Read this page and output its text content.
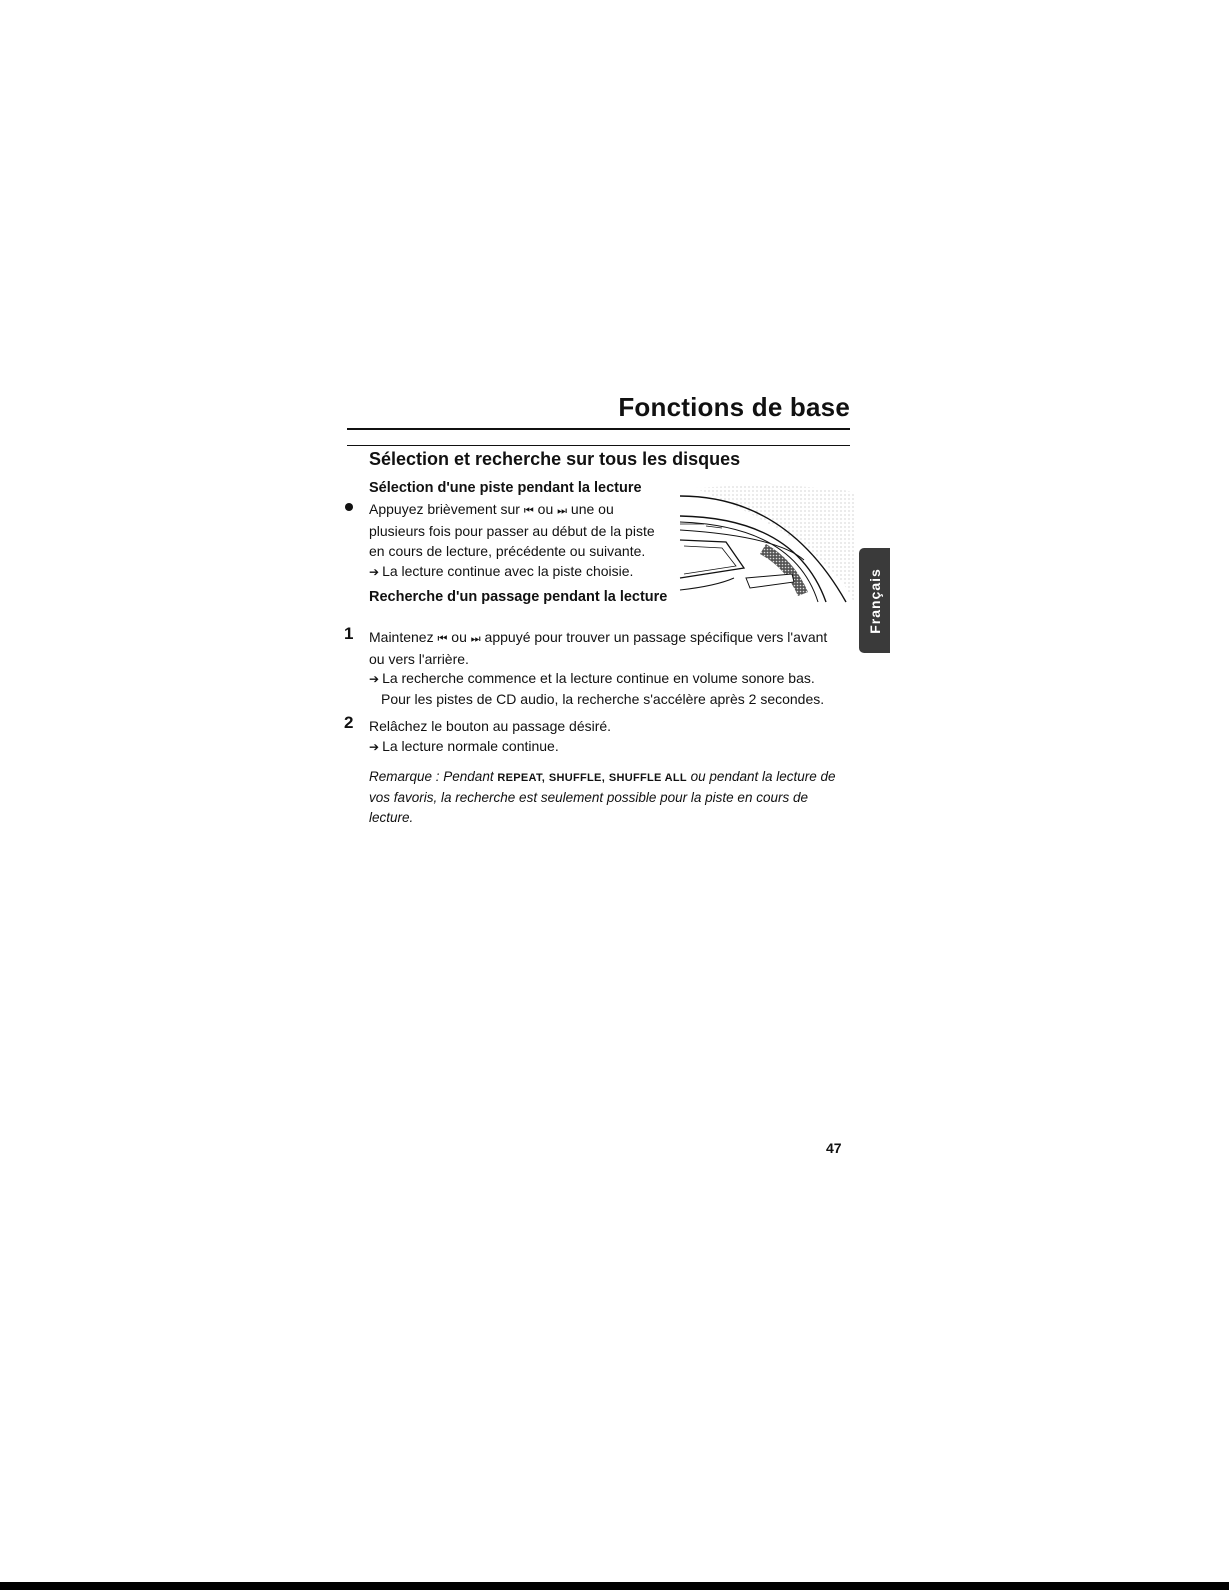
Fonctions de base
Sélection et recherche sur tous les disques
Sélection d'une piste pendant la lecture
Appuyez brièvement sur ⏮ ou ⏭ une ou
plusieurs fois pour passer au début de la piste
en cours de lecture, précédente ou suivante.
➔ La lecture continue avec la piste choisie.
Recherche d'un passage pendant la lecture
1 Maintenez ⏮ ou ⏭ appuyé pour trouver un passage spécifique vers l'avant
ou vers l'arrière.
➔ La recherche commence et la lecture continue en volume sonore bas.
Pour les pistes de CD audio, la recherche s'accélère après 2 secondes.
2 Relâchez le bouton au passage désiré.
➔ La lecture normale continue.
Remarque : Pendant REPEAT, SHUFFLE, SHUFFLE ALL ou pendant la lecture de
vos favoris, la recherche est seulement possible pour la piste en cours de lecture.
Français
47
